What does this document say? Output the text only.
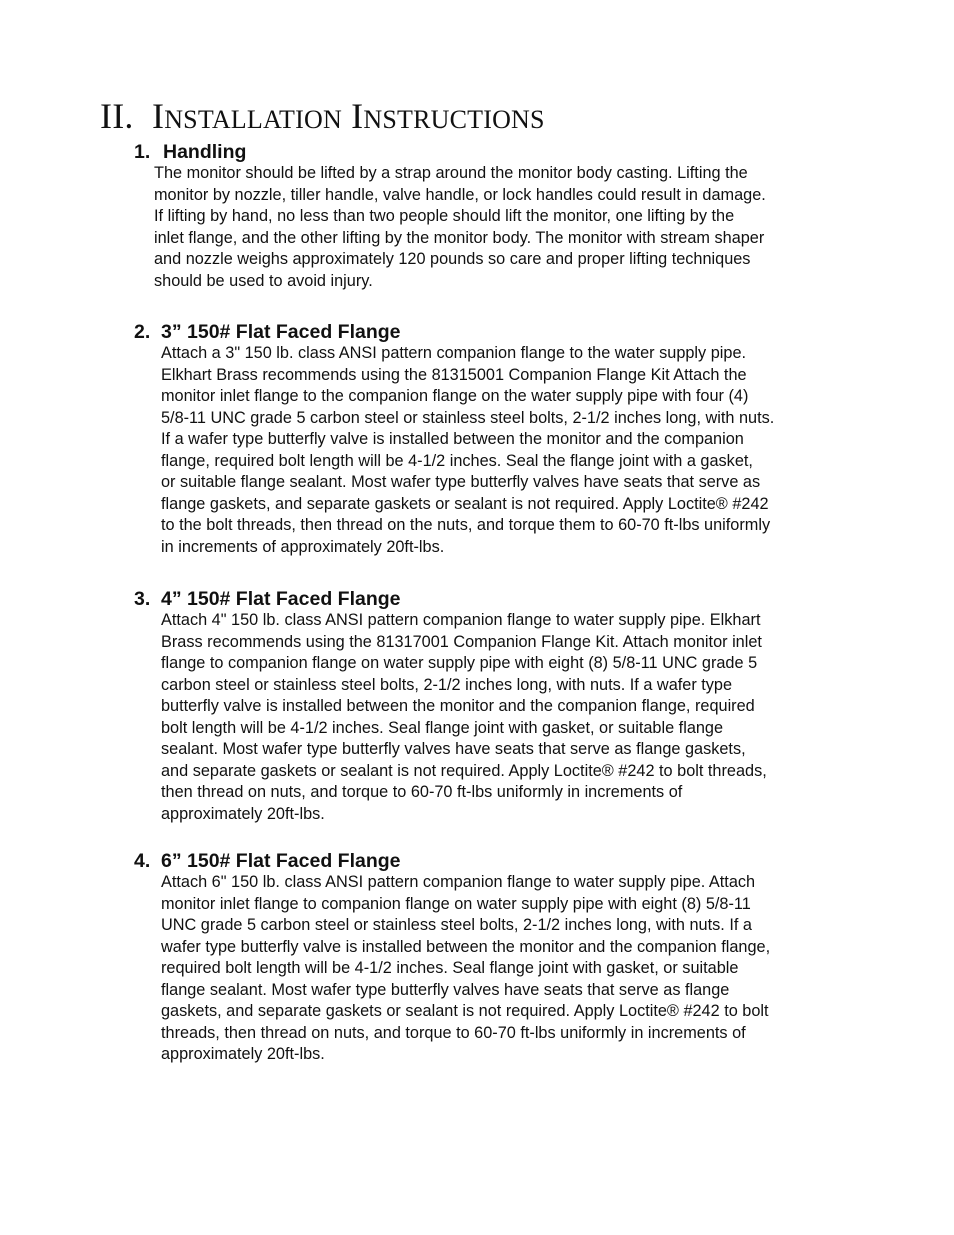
II. INSTALLATION INSTRUCTIONS
1. Handling

The monitor should be lifted by a strap around the monitor body casting. Lifting the
monitor by nozzle, tiller handle, valve handle, or lock handles could result in damage.
If lifting by hand, no less than two people should lift the monitor, one lifting by the
inlet flange, and the other lifting by the monitor body. The monitor with stream shaper
and nozzle weighs approximately 120 pounds so care and proper lifting techniques
should be used to avoid injury.

2. 3” 150# Flat Faced Flange

Attach a 3" 150 lb. class ANSI pattern companion flange to the water supply pipe.
Elkhart Brass recommends using the 81315001 Companion Flange Kit Attach the
monitor inlet flange to the companion flange on the water supply pipe with four (4)
5/8-11 UNC grade 5 carbon steel or stainless steel bolts, 2-1/2 inches long, with nuts.
If a wafer type butterfly valve is installed between the monitor and the companion
flange, required bolt length will be 4-1/2 inches. Seal the flange joint with a gasket,
or suitable flange sealant. Most wafer type butterfly valves have seats that serve as
flange gaskets, and separate gaskets or sealant is not required. Apply Loctite® #242
to the bolt threads, then thread on the nuts, and torque them to 60-70 ft-lbs uniformly
in increments of approximately 20ft-lbs.

3. 4” 150# Flat Faced Flange

Attach 4" 150 lb. class ANSI pattern companion flange to water supply pipe. Elkhart
Brass recommends using the 81317001 Companion Flange Kit. Attach monitor inlet
flange to companion flange on water supply pipe with eight (8) 5/8-11 UNC grade 5
carbon steel or stainless steel bolts, 2-1/2 inches long, with nuts. If a wafer type
butterfly valve is installed between the monitor and the companion flange, required
bolt length will be 4-1/2 inches. Seal flange joint with gasket, or suitable flange
sealant. Most wafer type butterfly valves have seats that serve as flange gaskets,
and separate gaskets or sealant is not required. Apply Loctite® #242 to bolt threads,
then thread on nuts, and torque to 60-70 ft-lbs uniformly in increments of
approximately 20ft-lbs.

4. 6” 150# Flat Faced Flange

Attach 6" 150 lb. class ANSI pattern companion flange to water supply pipe. Attach
monitor inlet flange to companion flange on water supply pipe with eight (8) 5/8-11
UNC grade 5 carbon steel or stainless steel bolts, 2-1/2 inches long, with nuts. If a
wafer type butterfly valve is installed between the monitor and the companion flange,
required bolt length will be 4-1/2 inches. Seal flange joint with gasket, or suitable
flange sealant. Most wafer type butterfly valves have seats that serve as flange
gaskets, and separate gaskets or sealant is not required. Apply Loctite® #242 to bolt
threads, then thread on nuts, and torque to 60-70 ft-lbs uniformly in increments of
approximately 20ft-lbs.
